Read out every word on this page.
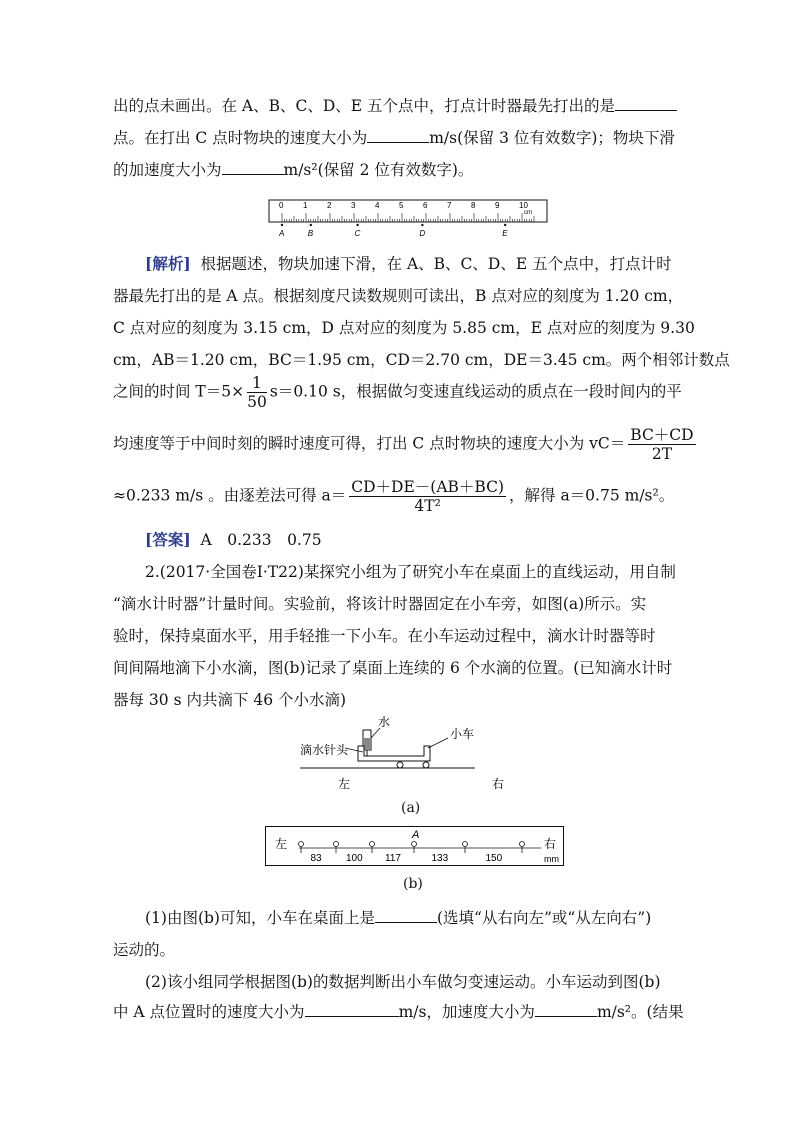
出的点未画出。在 A、B、C、D、E 五个点中，打点计时器最先打出的是
点。在打出 C 点时物块的速度大小为	m/s(保留 3 位有效数字)；物块下滑
的加速度大小为	m/s²(保留 2 位有效数字)。
0 1 2 3 4 5 6 7 8 9 10
cm
A	B	C	D	E
[解析] 根据题述，物块加速下滑，在 A、B、C、D、E 五个点中，打点计时
器最先打出的是 A 点。根据刻度尺读数规则可读出，B 点对应的刻度为 1.20 cm，
C 点对应的刻度为 3.15 cm，D 点对应的刻度为 5.85 cm，E 点对应的刻度为 9.30
cm，AB＝1.20 cm，BC＝1.95 cm，CD＝2.70 cm，DE＝3.45 cm。两个相邻计数点
之间的时间 $T=5\times \frac{1}{50} s=0.10$ s，根据做匀变速直线运动的质点在一段时间内的平
均速度等于中间时刻的瞬时速度可得，打出 C 点时物块的速度大小为 $vC= \frac{BC+CD}{2T}$
≈0.233 m/s 。由逐差法可得 $a= \frac{CD+DE-(AB+BC)}{\text{4T²}}$ ，解得 a＝0.75 m/s²。
[答案] A　0.233　0.75
2.(2017·全国卷Ⅰ·T22)某探究小组为了研究小车在桌面上的直线运动，用自制
“滴水计时器”计量时间。实验前，将该计时器固定在小车旁，如图(a)所示。实
验时，保持桌面水平，用手轻推一下小车。在小车运动过程中，滴水计时器等时
间间隔地滴下小水滴，图(b)记录了桌面上连续的 6 个水滴的位置。(已知滴水计时
器每 30 s 内共滴下 46 个小水滴)
水
小车
滴水针头
左	右
(a)
左	右
mm
A
83 100 117	133	150
(b)
(1)由图(b)可知，小车在桌面上是	(选填“从右向左”或“从左向右”)
运动的。
(2)该小组同学根据图(b)的数据判断出小车做匀变速运动。小车运动到图(b)
中 A 点位置时的速度大小为	m/s，加速度大小为	m/s²。(结果
